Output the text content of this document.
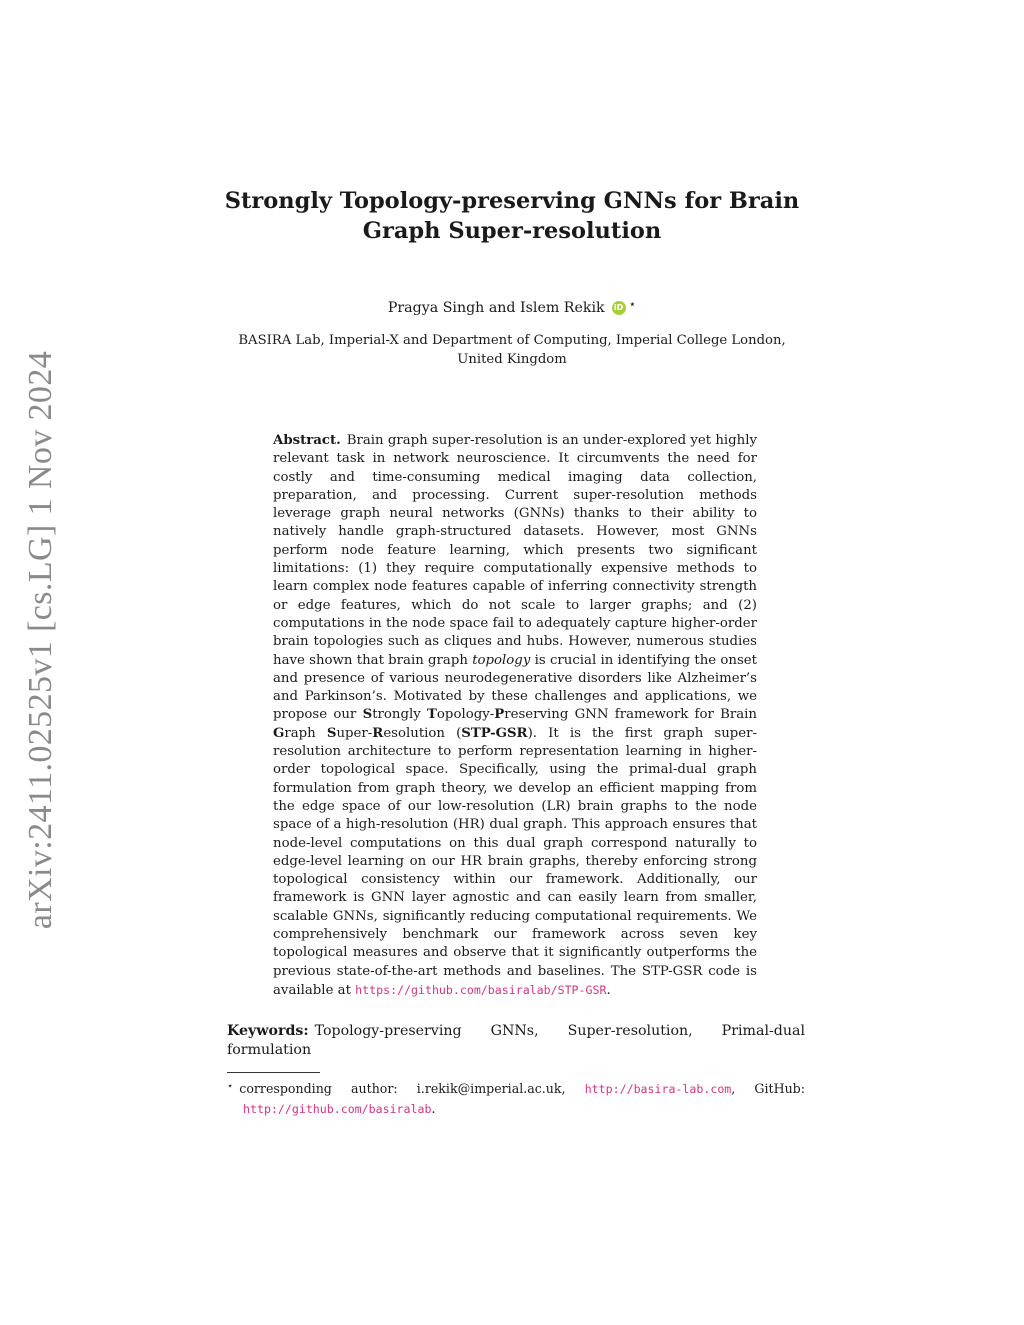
arXiv:2411.02525v1 [cs.LG] 1 Nov 2024
Strongly Topology-preserving GNNs for Brain
Graph Super-resolution
Pragya Singh and Islem Rekik iD ⋆
BASIRA Lab, Imperial-X and Department of Computing, Imperial College London,
United Kingdom

Abstract. Brain graph super-resolution is an under-explored yet highly relevant task in network neuroscience. It circumvents the need for costly and time-consuming medical imaging data collection, preparation, and processing. Current super-resolution methods leverage graph neural networks (GNNs) thanks to their ability to natively handle graph-structured datasets. However, most GNNs perform node feature learning, which presents two significant limitations: (1) they require computationally expensive methods to learn complex node features capable of inferring connectivity strength or edge features, which do not scale to larger graphs; and (2) computations in the node space fail to adequately capture higher-order brain topologies such as cliques and hubs. However, numerous studies have shown that brain graph topology is crucial in identifying the onset and presence of various neurodegenerative disorders like Alzheimer’s and Parkinson’s. Motivated by these challenges and applications, we propose our Strongly Topology-Preserving GNN framework for Brain Graph Super-Resolution (STP-GSR). It is the first graph super-resolution architecture to perform representation learning in higher-order topological space. Specifically, using the primal-dual graph formulation from graph theory, we develop an efficient mapping from the edge space of our low-resolution (LR) brain graphs to the node space of a high-resolution (HR) dual graph. This approach ensures that node-level computations on this dual graph correspond naturally to edge-level learning on our HR brain graphs, thereby enforcing strong topological consistency within our framework. Additionally, our framework is GNN layer agnostic and can easily learn from smaller, scalable GNNs, significantly reducing computational requirements. We comprehensively benchmark our framework across seven key topological measures and observe that it significantly outperforms the previous state-of-the-art methods and baselines. The STP-GSR code is available at https://github.com/basiralab/STP-GSR.

Keywords: Topology-preserving GNNs, Super-resolution, Primal-dual formulation
⋆ corresponding author: i.rekik@imperial.ac.uk, http://basira-lab.com, GitHub:
http://github.com/basiralab.
